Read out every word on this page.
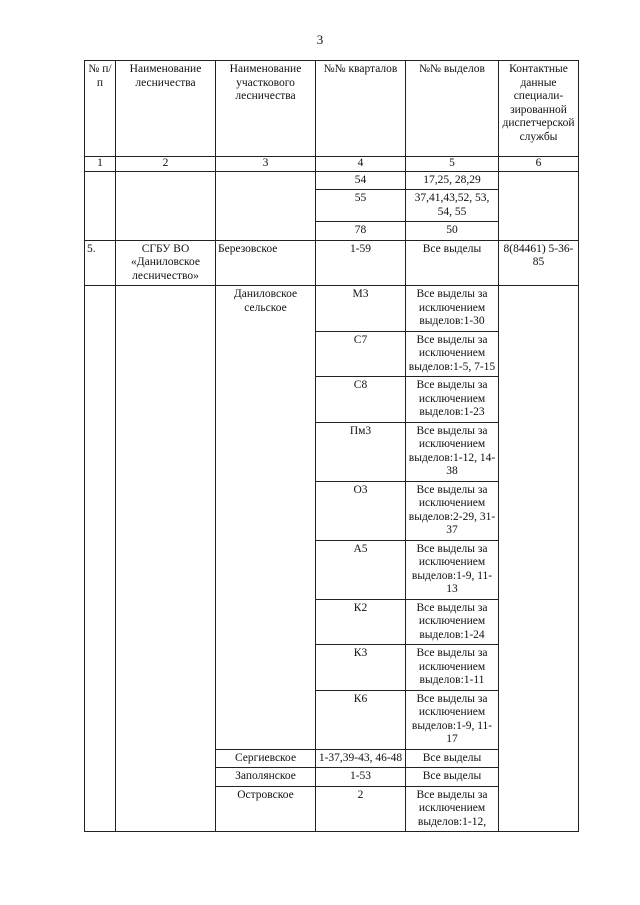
3
№ п/п	Наименование лесничества	Наименование участкового лесничества	№№ кварталов	№№ выделов	Контактные данные специали-зированной диспетчерской службы
1	2	3	4	5	6
			54	17,25, 28,29	
			55	37,41,43,52, 53, 54, 55	
			78	50	
5.	СГБУ ВО «Даниловское лесничество»	Березовское	1-59	Все выделы	8(84461) 5-36-85
		Даниловское сельское	М3	Все выделы за исключением выделов:1-30	
			С7	Все выделы за исключением выделов:1-5, 7-15	
			С8	Все выделы за исключением выделов:1-23	
			Пм3	Все выделы за исключением выделов:1-12, 14-38	
			О3	Все выделы за исключением выделов:2-29, 31-37	
			А5	Все выделы за исключением выделов:1-9, 11-13	
			К2	Все выделы за исключением выделов:1-24	
			К3	Все выделы за исключением выделов:1-11	
			К6	Все выделы за исключением выделов:1-9, 11-17	
		Сергиевское	1-37,39-43, 46-48	Все выделы	
		Заполянское	1-53	Все выделы	
		Островское	2	Все выделы за исключением выделов:1-12,	
